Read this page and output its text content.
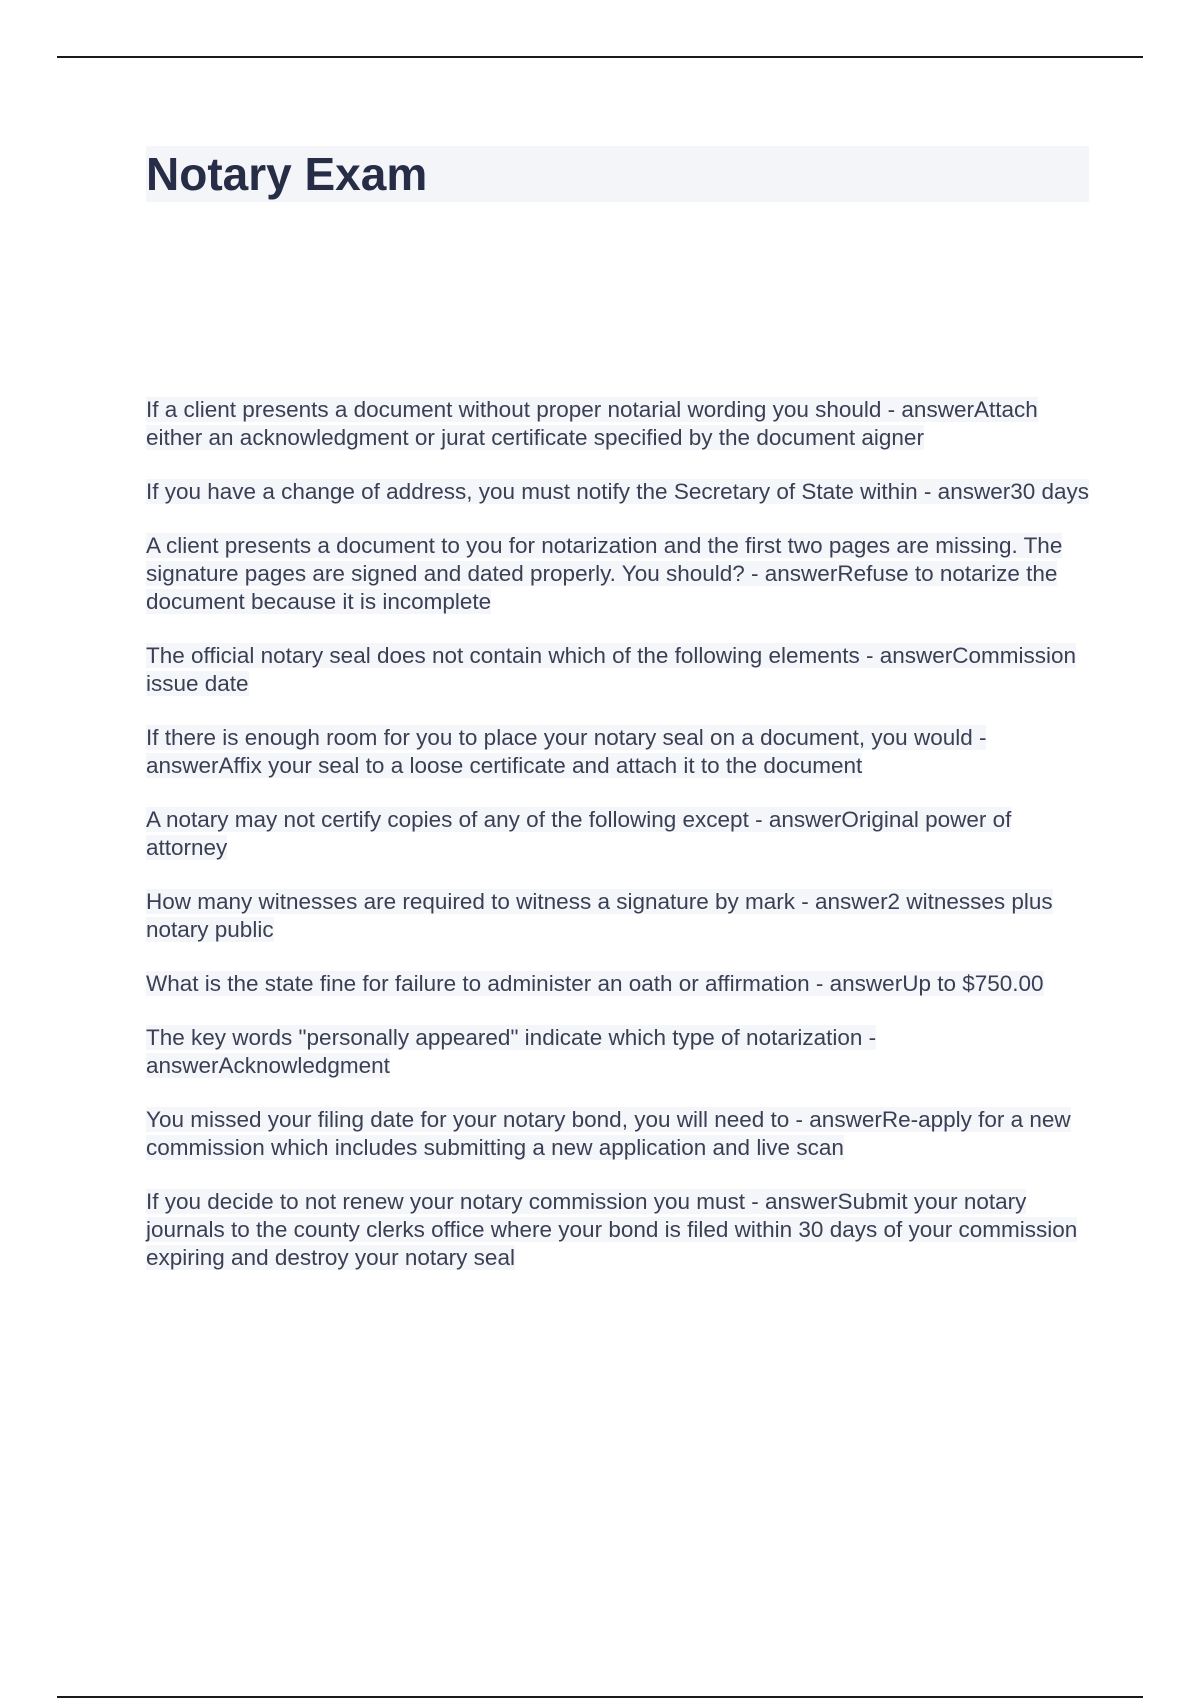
Notary Exam

If a client presents a document without proper notarial wording you should - answerAttach either an acknowledgment or jurat certificate specified by the document aigner

If you have a change of address, you must notify the Secretary of State within - answer30 days

A client presents a document to you for notarization and the first two pages are missing. The signature pages are signed and dated properly. You should? - answerRefuse to notarize the document because it is incomplete

The official notary seal does not contain which of the following elements - answerCommission issue date

If there is enough room for you to place your notary seal on a document, you would - answerAffix your seal to a loose certificate and attach it to the document

A notary may not certify copies of any of the following except - answerOriginal power of attorney

How many witnesses are required to witness a signature by mark - answer2 witnesses plus notary public

What is the state fine for failure to administer an oath or affirmation - answerUp to $750.00

The key words "personally appeared" indicate which type of notarization - answerAcknowledgment

You missed your filing date for your notary bond, you will need to - answerRe-apply for a new commission which includes submitting a new application and live scan

If you decide to not renew your notary commission you must - answerSubmit your notary journals to the county clerks office where your bond is filed within 30 days of your commission expiring and destroy your notary seal
